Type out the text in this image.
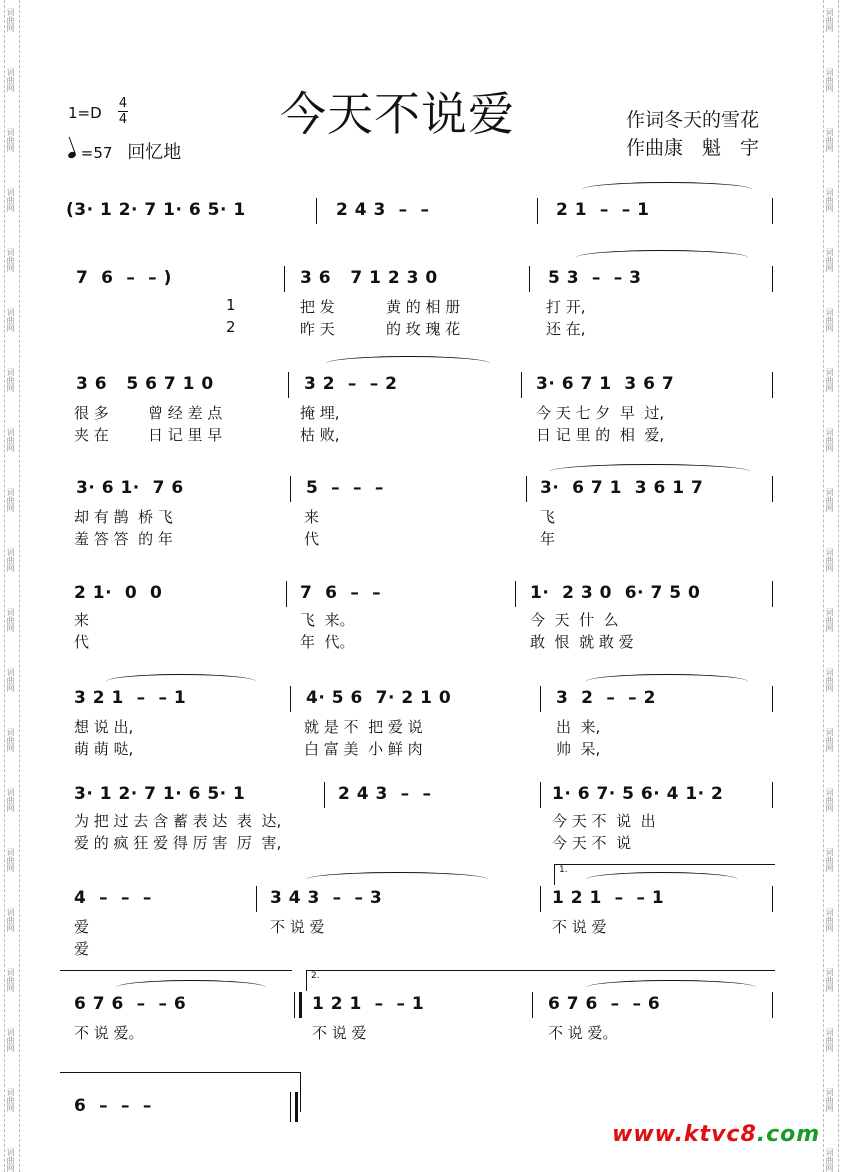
词曲网
词曲网
词曲网
词曲网
词曲网
词曲网
词曲网
词曲网
词曲网
词曲网
词曲网
词曲网
词曲网
词曲网
词曲网
词曲网
词曲网
词曲网
词曲网
词曲网
词曲网
词曲网
词曲网
词曲网
词曲网
词曲网
词曲网
词曲网
词曲网
词曲网
词曲网
词曲网
词曲网
词曲网
词曲网
词曲网
词曲网
词曲网
词曲网
词曲网
今天不说爱
1=D
4
4
=57 回忆地
作词冬天的雪花
作曲康　魁　宇
(3· 1 2· 7 1· 6 5· 1	2 4 3  –  –	2 1  –  – 1
7  6  –  – )	3 6   7 1 2 3 0	5 3  –  – 3
1	把 发	黄 的 相 册	打 开,
2	昨 天	的 玫 瑰 花	还 在,
3 6   5 6 7 1 0	3 2  –  – 2	3· 6 7 1  3 6 7
很 多	曾 经 差 点	掩 埋,	今 天 七 夕  早  过,
夹 在	日 记 里 早	枯 败,	日 记 里 的  相  爱,
3· 6 1·  7 6	5  –  –  –	3·  6 7 1  3 6 1 7
却 有 鹊  桥 飞	来	飞
羞 答 答  的 年	代	年
2 1·  0  0	7  6  –  –	1·  2 3 0  6· 7 5 0
来	飞  来。	今  天  什  么
代	年  代。	敢  恨  就 敢 爱
3 2 1  –  – 1	4· 5 6  7· 2 1 0	3  2  –  – 2
想 说 出,	就 是 不  把 爱 说	出  来,
萌 萌 哒,	白 富 美  小 鲜 肉	帅  呆,
3· 1 2· 7 1· 6 5· 1	2 4 3  –  –	1· 6 7· 5 6· 4 1· 2
为 把 过 去 含 蓄 表 达  表  达,	今 天 不  说  出
爱 的 疯 狂 爱 得 厉 害  厉  害,	今 天 不  说
4  –  –  –	3 4 3  –  – 3	1 2 1  –  – 1
1.
爱	不 说 爱	不 说 爱
爱
6 7 6  –  – 6	1 2 1  –  – 1	6 7 6  –  – 6
2.
不 说 爱。	不 说 爱	不 说 爱。
6  –  –  –
www.ktvc8.com
